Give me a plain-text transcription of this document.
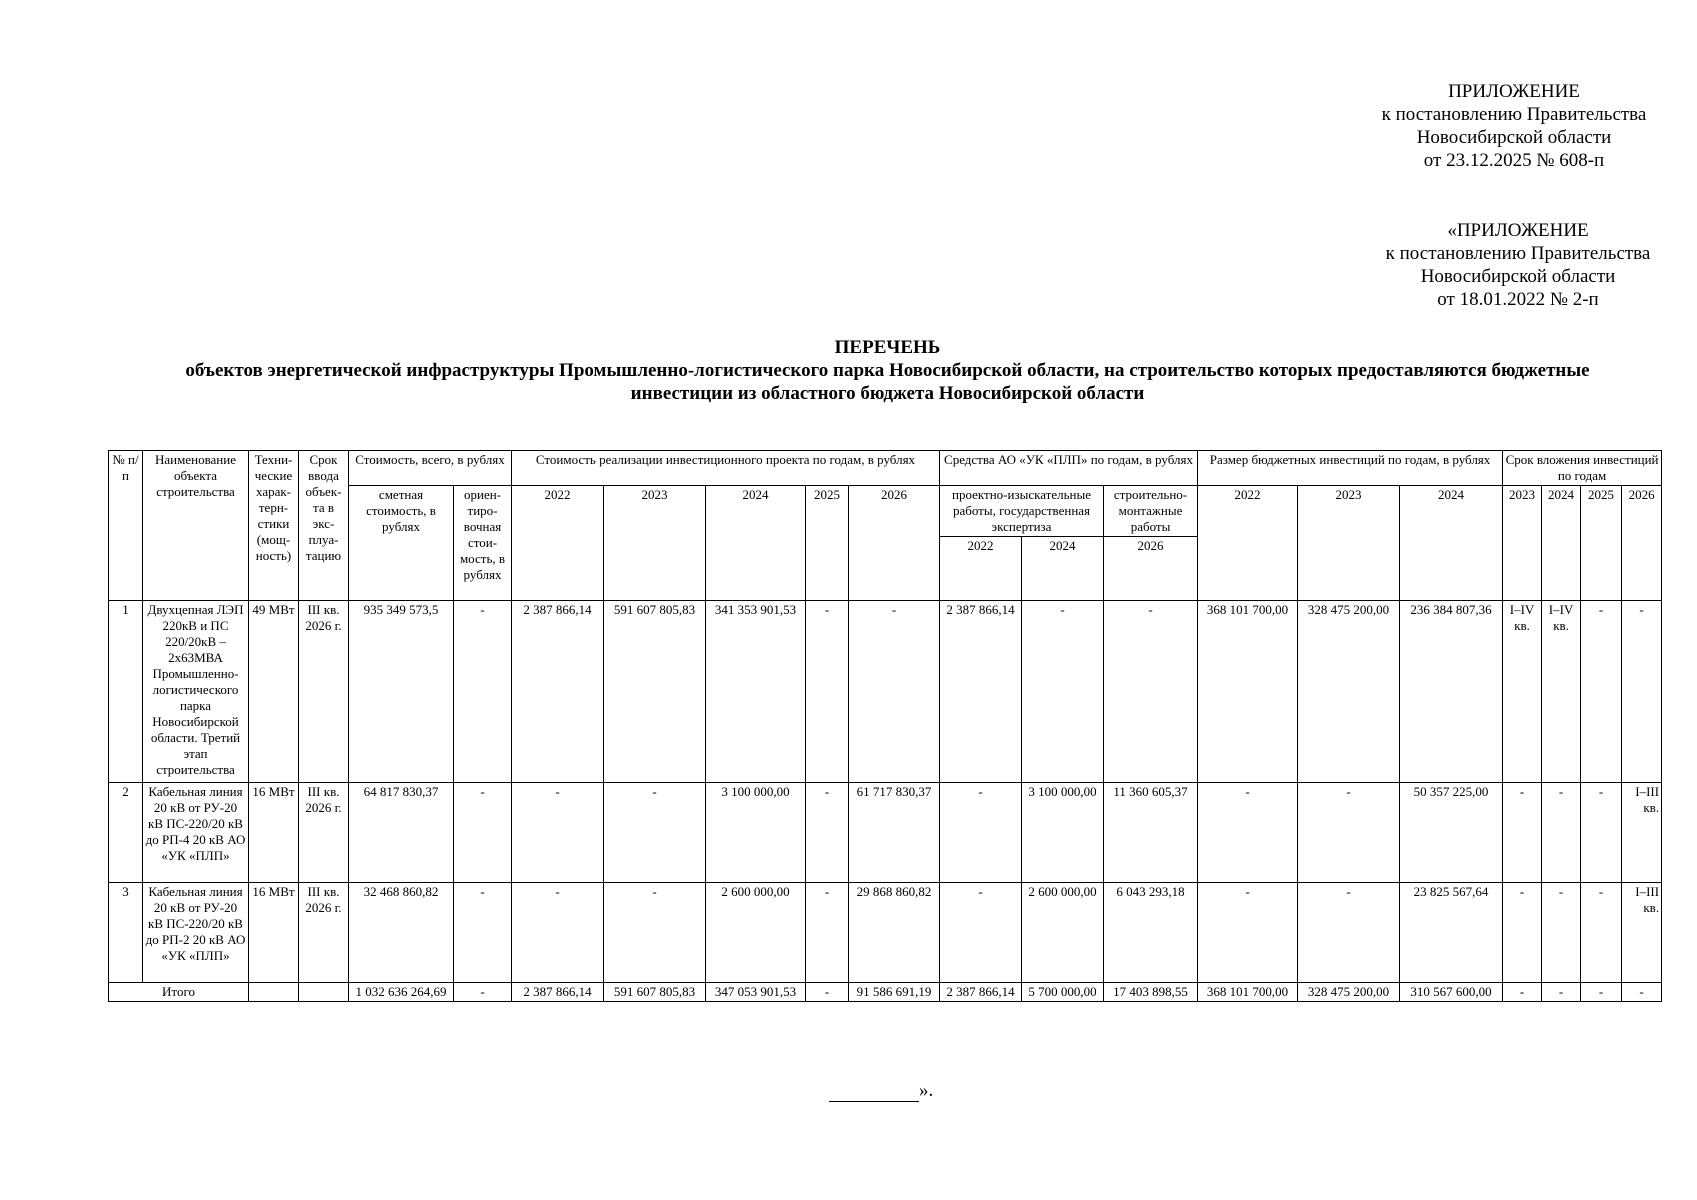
ПРИЛОЖЕНИЕ
к постановлению Правительства
Новосибирской области
от 23.12.2025 № 608-п
«ПРИЛОЖЕНИЕ
к постановлению Правительства
Новосибирской области
от 18.01.2022 № 2-п
ПЕРЕЧЕНЬ
объектов энергетической инфраструктуры Промышленно-логистического парка Новосибирской области, на строительство которых предоставляются бюджетные
инвестиции из областного бюджета Новосибирской области
№ п/п	Наименование объекта строительства	Техни-ческие харак-терн-стики (мощ-ность)	Срок ввода объек-та в экс-плуа-тацию	Стоимость, всего, в рублях		Стоимость реализации инвестиционного проекта по годам, в рублях					Средства АО «УК «ПЛП» по годам, в рублях			Размер бюджетных инвестиций по годам, в рублях			Срок вложения инвестиций по годам			
				сметная стоимость, в рублях	ориен-тиро-вочная стои-мость, в рублях	2022	2023	2024	2025	2026	проектно-изыскательные работы, государственная экспертиза		строительно-монтажные работы	2022	2023	2024	2023	2024	2025	2026
											2022	2024	2026							
1	Двухцепная ЛЭП 220кВ и ПС 220/20кВ – 2х63МВА Промышленно-логистического парка Новосибирской области. Третий этап строительства	49 МВт	III кв. 2026 г.	935 349 573,5	-	2 387 866,14	591 607 805,83	341 353 901,53	-	-	2 387 866,14	-	-	368 101 700,00	328 475 200,00	236 384 807,36	I–IV кв.	I–IV кв.	-	-
2	Кабельная линия 20 кВ от РУ-20 кВ ПС-220/20 кВ до РП-4 20 кВ АО «УК «ПЛП»	16 МВт	III кв. 2026 г.	64 817 830,37	-	-	-	3 100 000,00	-	61 717 830,37	-	3 100 000,00	11 360 605,37	-	-	50 357 225,00	-	-	-	I–III кв.
3	Кабельная линия 20 кВ от РУ-20 кВ ПС-220/20 кВ до РП-2 20 кВ АО «УК «ПЛП»	16 МВт	III кв. 2026 г.	32 468 860,82	-	-	-	2 600 000,00	-	29 868 860,82	-	2 600 000,00	6 043 293,18	-	-	23 825 567,64	-	-	-	I–III кв.
Итого				1 032 636 264,69	-	2 387 866,14	591 607 805,83	347 053 901,53	-	91 586 691,19	2 387 866,14	5 700 000,00	17 403 898,55	368 101 700,00	328 475 200,00	310 567 600,00	-	-	-	-
».
